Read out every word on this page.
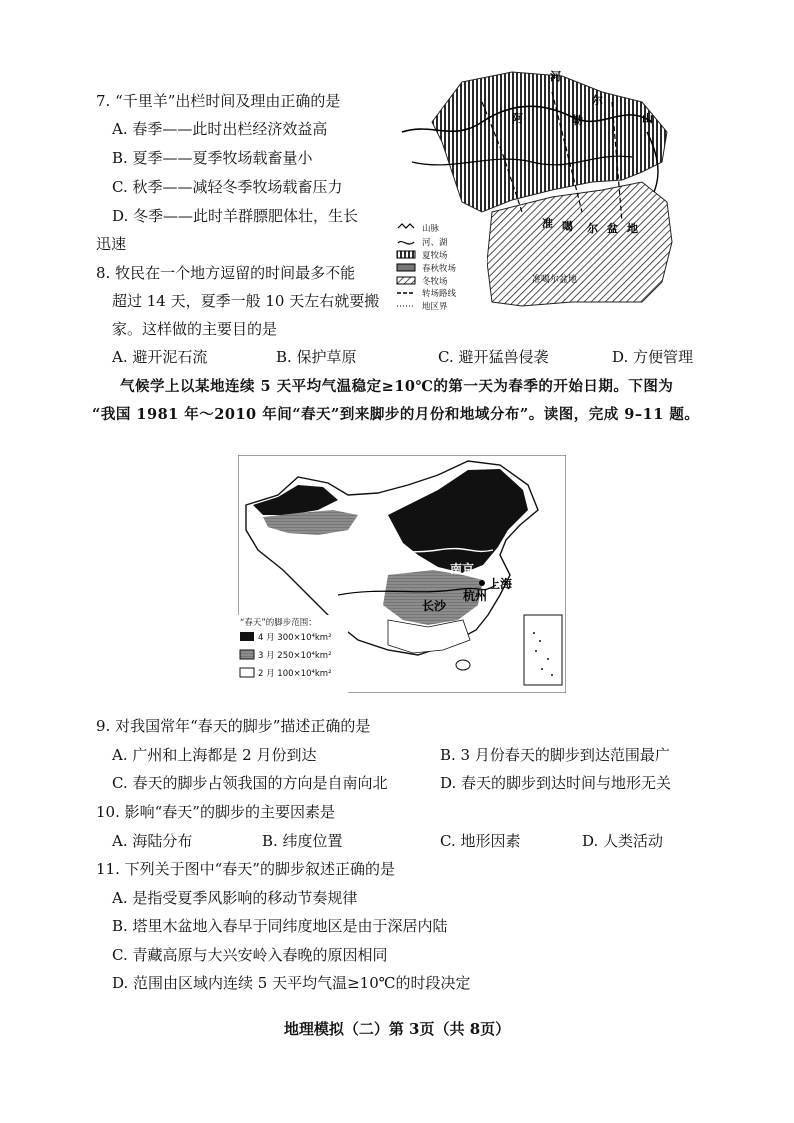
7. “千里羊”出栏时间及理由正确的是
A. 春季——此时出栏经济效益高
B. 夏季——夏季牧场载畜量小
C. 秋季——减轻冬季牧场载畜压力
D. 冬季——此时羊群膘肥体壮，生长
迅速
8. 牧民在一个地方逗留的时间最多不能
超过 14 天，夏季一般 10 天左右就要搬
家。这样做的主要目的是
A. 避开泥石流	B. 保护草原	C. 避开猛兽侵袭	D. 方便管理
山脉
河、湖
夏牧场
春秋牧场
冬牧场
转场路线
地区界
河
尔
山
阿	勒
准 噶 尔 盆 地
准噶尔盆地
气候学上以某地连续 5 天平均气温稳定≥10℃的第一天为春季的开始日期。下图为
“我国 1981 年～2010 年间“春天”到来脚步的月份和地域分布”。读图，完成 9–11 题。
南京
上海
长沙
杭州
“春天”的脚步范围：
4 月 300×10⁴km²
3 月 250×10⁴km²
2 月 100×10⁴km²
9. 对我国常年“春天的脚步”描述正确的是
A. 广州和上海都是 2 月份到达	B. 3 月份春天的脚步到达范围最广
C. 春天的脚步占领我国的方向是自南向北	D. 春天的脚步到达时间与地形无关
10. 影响“春天”的脚步的主要因素是
A. 海陆分布	B. 纬度位置	C. 地形因素	D. 人类活动
11. 下列关于图中“春天”的脚步叙述正确的是
A. 是指受夏季风影响的移动节奏规律
B. 塔里木盆地入春早于同纬度地区是由于深居内陆
C. 青藏高原与大兴安岭入春晚的原因相同
D. 范围由区域内连续 5 天平均气温≥10℃的时段决定
地理模拟（二）第 3页（共 8页）
